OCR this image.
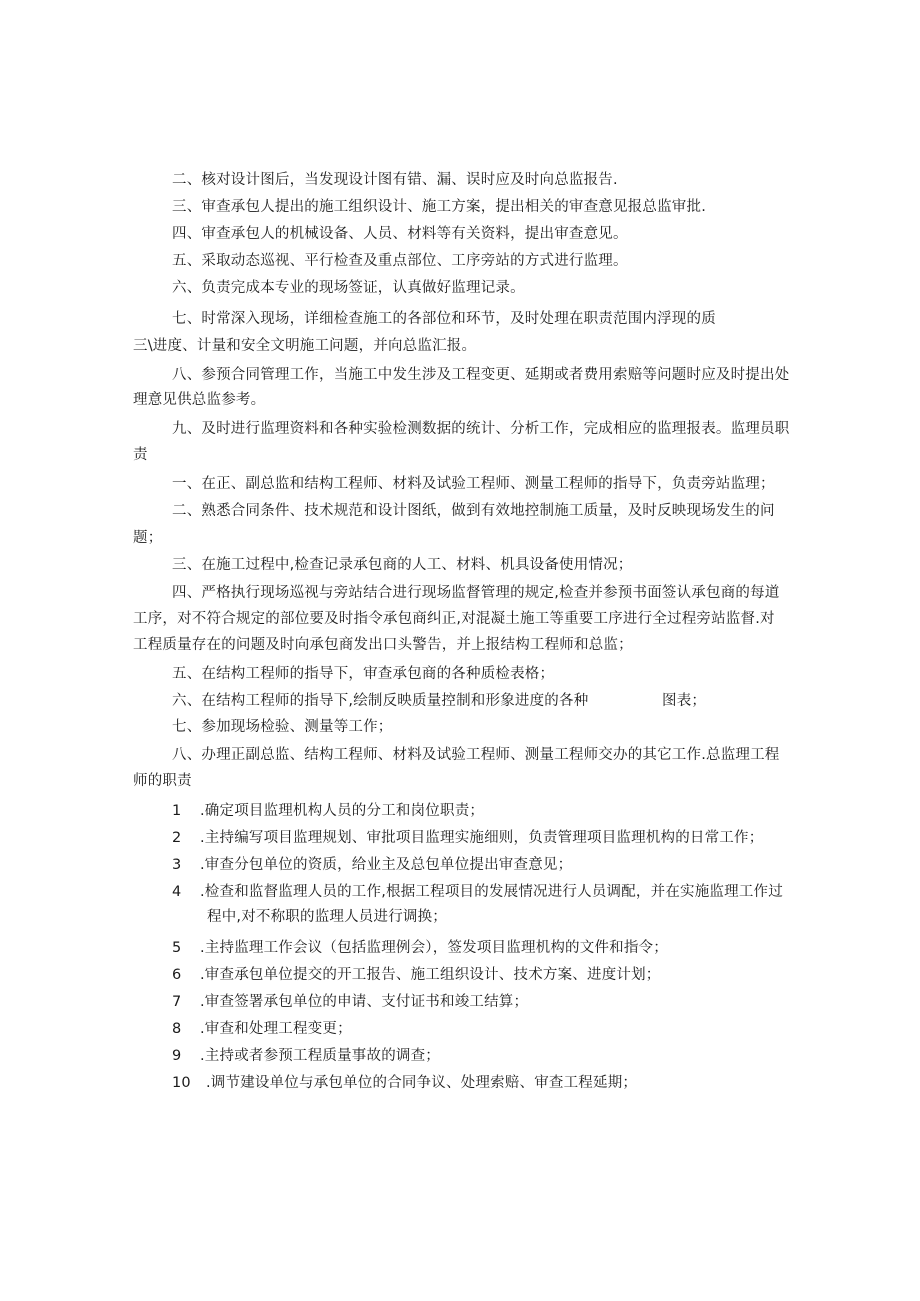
二、核对设计图后，当发现设计图有错、漏、误时应及时向总监报告.
三、审查承包人提出的施工组织设计、施工方案，提出相关的审查意见报总监审批.
四、审查承包人的机械设备、人员、材料等有关资料，提出审查意见。
五、采取动态巡视、平行检查及重点部位、工序旁站的方式进行监理。
六、负责完成本专业的现场签证，认真做好监理记录。
七、时常深入现场，详细检查施工的各部位和环节，及时处理在职责范围内浮现的质
三\进度、计量和安全文明施工问题，并向总监汇报。
八、参预合同管理工作，当施工中发生涉及工程变更、延期或者费用索赔等问题时应及时提出处
理意见供总监参考。
九、及时进行监理资料和各种实验检测数据的统计、分析工作，完成相应的监理报表。监理员职
责
一、在正、副总监和结构工程师、材料及试验工程师、测量工程师的指导下，负责旁站监理；
二、熟悉合同条件、技术规范和设计图纸，做到有效地控制施工质量，及时反映现场发生的问
题；
三、在施工过程中,检查记录承包商的人工、材料、机具设备使用情况；
四、严格执行现场巡视与旁站结合进行现场监督管理的规定,检查并参预书面签认承包商的每道
工序，对不符合规定的部位要及时指令承包商纠正,对混凝土施工等重要工序进行全过程旁站监督.对
工程质量存在的问题及时向承包商发出口头警告，并上报结构工程师和总监；
五、在结构工程师的指导下，审查承包商的各种质检表格；
六、在结构工程师的指导下,绘制反映质量控制和形象进度的各种	图表；
七、参加现场检验、测量等工作；
八、办理正副总监、结构工程师、材料及试验工程师、测量工程师交办的其它工作.总监理工程
师的职责
1 .确定项目监理机构人员的分工和岗位职责；
2 .主持编写项目监理规划、审批项目监理实施细则，负责管理项目监理机构的日常工作；
3 .审查分包单位的资质，给业主及总包单位提出审查意见；
4 .检查和监督监理人员的工作,根据工程项目的发展情况进行人员调配，并在实施监理工作过
程中,对不称职的监理人员进行调换；
5 .主持监理工作会议（包括监理例会），签发项目监理机构的文件和指令；
6 .审查承包单位提交的开工报告、施工组织设计、技术方案、进度计划；
7 .审查签署承包单位的申请、支付证书和竣工结算；
8 .审查和处理工程变更；
9 .主持或者参预工程质量事故的调查；
10 .调节建设单位与承包单位的合同争议、处理索赔、审查工程延期；
